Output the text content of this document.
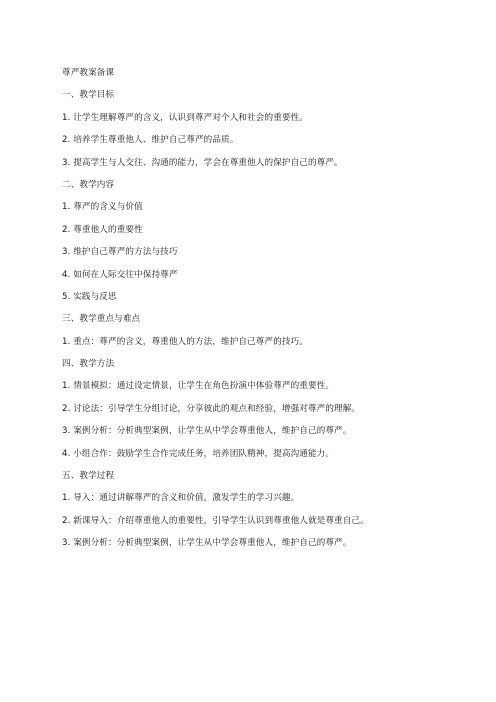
尊严教案备课
一、教学目标
1. 让学生理解尊严的含义，认识到尊严对个人和社会的重要性。
2. 培养学生尊重他人、维护自己尊严的品质。
3. 提高学生与人交往、沟通的能力，学会在尊重他人的保护自己的尊严。
二、教学内容
1. 尊严的含义与价值
2. 尊重他人的重要性
3. 维护自己尊严的方法与技巧
4. 如何在人际交往中保持尊严
5. 实践与反思
三、教学重点与难点
1. 重点：尊严的含义，尊重他人的方法，维护自己尊严的技巧。
四、教学方法
1. 情景模拟：通过设定情景，让学生在角色扮演中体验尊严的重要性。
2. 讨论法：引导学生分组讨论，分享彼此的观点和经验，增强对尊严的理解。
3. 案例分析：分析典型案例，让学生从中学会尊重他人，维护自己的尊严。
4. 小组合作：鼓励学生合作完成任务，培养团队精神，提高沟通能力。
五、教学过程
1. 导入：通过讲解尊严的含义和价值，激发学生的学习兴趣。
2. 新课导入：介绍尊重他人的重要性，引导学生认识到尊重他人就是尊重自己。
3. 案例分析：分析典型案例，让学生从中学会尊重他人，维护自己的尊严。
